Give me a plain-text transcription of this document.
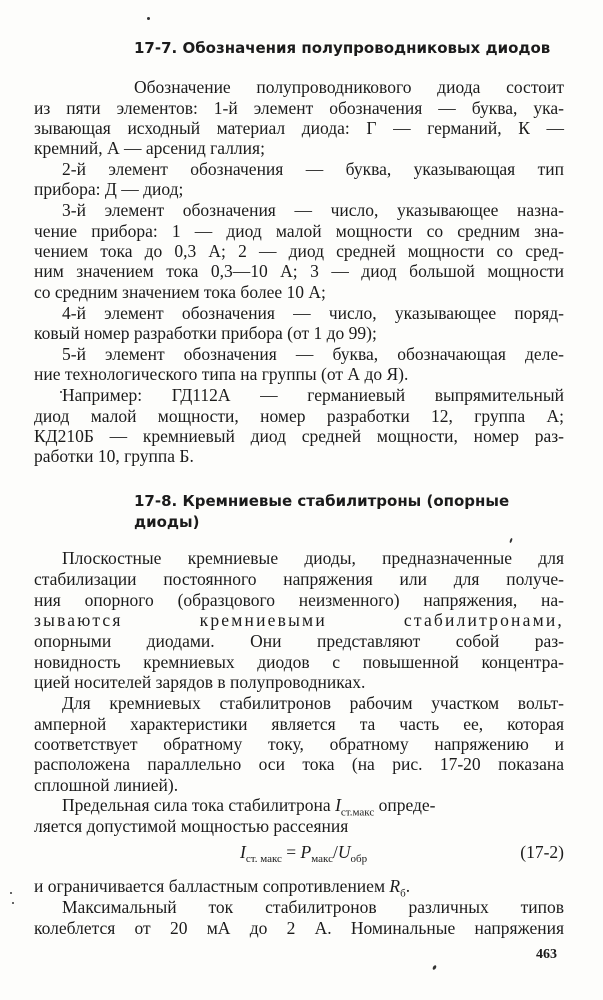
17-7. Обозначения полупроводниковых диодов
Обозначение полупроводникового диода состоит
из пяти элементов: 1-й элемент обозначения — буква, ука-
зывающая исходный материал диода: Г — германий, К —
кремний, А — арсенид галлия;
2-й элемент обозначения — буква, указывающая тип
прибора: Д — диод;
3-й элемент обозначения — число, указывающее назна-
чение прибора: 1 — диод малой мощности со средним зна-
чением тока до 0,3 А; 2 — диод средней мощности со сред-
ним значением тока 0,3—10 А; 3 — диод большой мощности
со средним значением тока более 10 А;
4-й элемент обозначения — число, указывающее поряд-
ковый номер разработки прибора (от 1 до 99);
5-й элемент обозначения — буква, обозначающая деле-
ние технологического типа на группы (от А до Я).
Например: ГД112А — германиевый выпрямительный
диод малой мощности, номер разработки 12, группа А;
КД210Б — кремниевый диод средней мощности, номер раз-
работки 10, группа Б.
17-8. Кремниевые стабилитроны (опорные
диоды)
Плоскостные кремниевые диоды, предназначенные для
стабилизации постоянного напряжения или для получе-
ния опорного (образцового неизменного) напряжения, на-
зываются кремниевыми стабилитронами,
опорными диодами. Они представляют собой раз-
новидность кремниевых диодов с повышенной концентра-
цией носителей зарядов в полупроводниках.
Для кремниевых стабилитронов рабочим участком вольт-
амперной характеристики является та часть ее, которая
соответствует обратному току, обратному напряжению и
расположена параллельно оси тока (на рис. 17-20 показана
сплошной линией).
Предельная сила тока стабилитрона $I_{ст.макс}$ опреде-
ляется допустимой мощностью рассеяния
$I_{ст. макс} = P_{макс}/U_{обр}$	(17-2)
и ограничивается балластным сопротивлением $R_б$.
Максимальный ток стабилитронов различных типов
колеблется от 20 мА до 2 А. Номинальные напряжения
463
